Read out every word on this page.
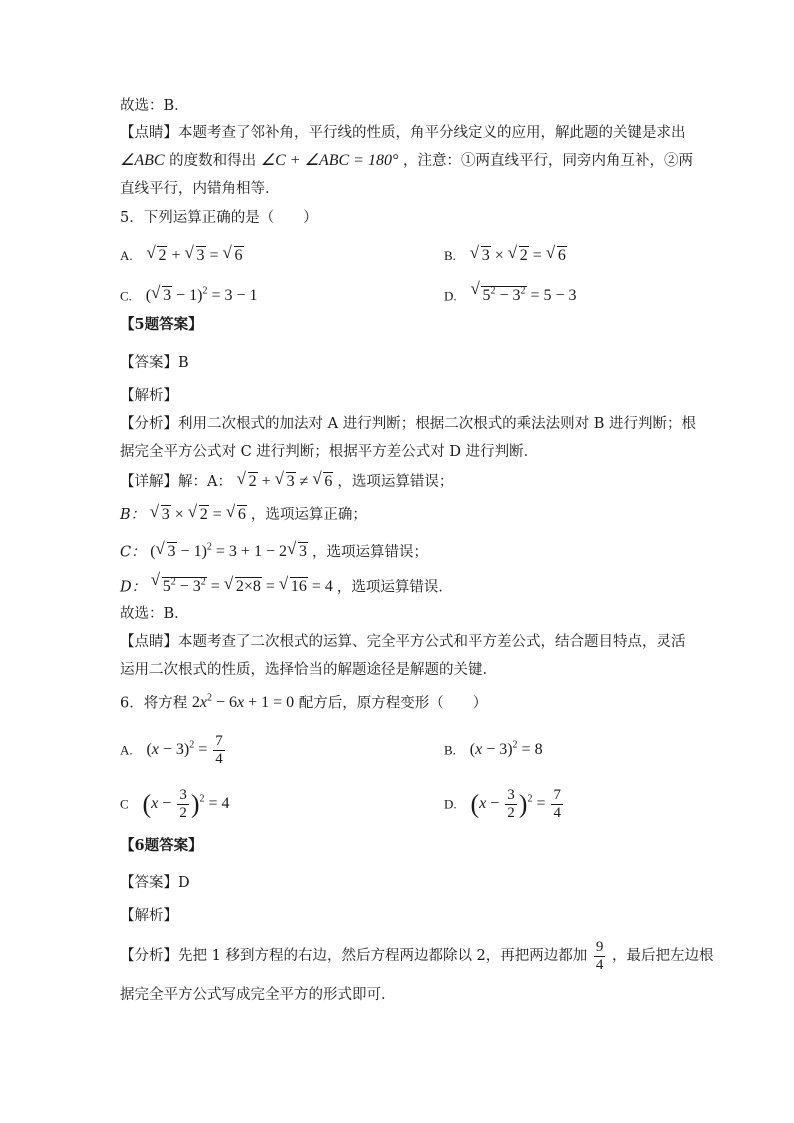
故选：B．
【点睛】本题考查了邻补角，平行线的性质，角平分线定义的应用，解此题的关键是求出
∠ABC 的度数和得出 ∠C + ∠ABC = 180° ，注意：①两直线平行，同旁内角互补，②两
直线平行，内错角相等．
5．下列运算正确的是（　　）
A. √ 2 + √ 3 = √ 6	B. √ 3 × √ 2 = √ 6
C.   ( √ 3 − 1)$^2$ = 3 − 1	D. √ $5^2 - 3^2 = 5 - 3$
【5题答案】
【答案】B
【解析】
【分析】利用二次根式的加法对 A 进行判断；根据二次根式的乘法法则对 B 进行判断；根
据完全平方公式对 C 进行判断；根据平方差公式对 D 进行判断．
【详解】解：A： √ 2 + √ 3 ≠ √ 6 ，选项运算错误；
B： √ 3 × √ 2 = √ 6 ，选项运算正确；
C： ( √ 3 − 1)$^2$ = 3 + 1 − 2 √ 3 ，选项运算错误；
D： √ $5^2 - 3^2$ = √ 2×8 = √ 16 = 4 ，选项运算错误．
故选：B．
【点睛】本题考查了二次根式的运算、完全平方公式和平方差公式，结合题目特点，灵活
运用二次根式的性质，选择恰当的解题途径是解题的关键．
6．将方程 $2x^2 - 6x + 1 = 0$ 配方后，原方程变形（　　）
A. $(x - 3)^2 = \frac{7}{4}$	B. $(x - 3)^2 = 8$
C $(x - \frac{3}{2} )^2 = 4$	D. $(x - \frac{3}{2} )^2 = \frac{7}{4}$
【6题答案】
【答案】D
【解析】
【分析】先把 1 移到方程的右边，然后方程两边都除以 2，再把两边都加 $\frac{9}{4}$ ，最后把左边根
据完全平方公式写成完全平方的形式即可．
